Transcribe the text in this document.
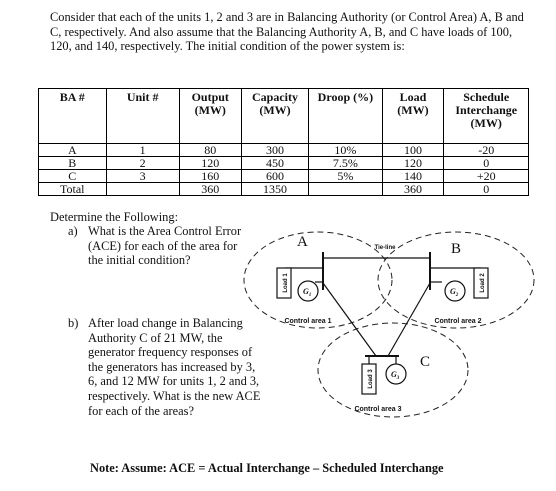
Consider that each of the units 1, 2 and 3 are in Balancing Authority (or Control Area) A, B and C, respectively. And also assume that the Balancing Authority A, B, and C have loads of 100, 120, and 140, respectively. The initial condition of the power system is:
BA #	Unit #	Output (MW)	Capacity (MW)	Droop (%)	Load (MW)	Schedule Interchange (MW)
A	1	80	300	10%	100	-20
B	2	120	450	7.5%	120	0
C	3	160	600	5%	140	+20
Total		360	1350		360	0
Determine the Following:
a) What is the Area Control Error (ACE) for each of the area for the initial condition?
b) After load change in Balancing Authority C of 21 MW, the generator frequency responses of the generators has increased by 3, 6, and 12 MW for units 1, 2 and 3, respectively. What is the new ACE for each of the areas?
Load 1	Load 2
Load 3
Tie-line
Control area 1	Control area 2
Control area 3
A	B
C
$G_1$	$G_2$
$G_3$
Note: Assume: ACE = Actual Interchange – Scheduled Interchange
